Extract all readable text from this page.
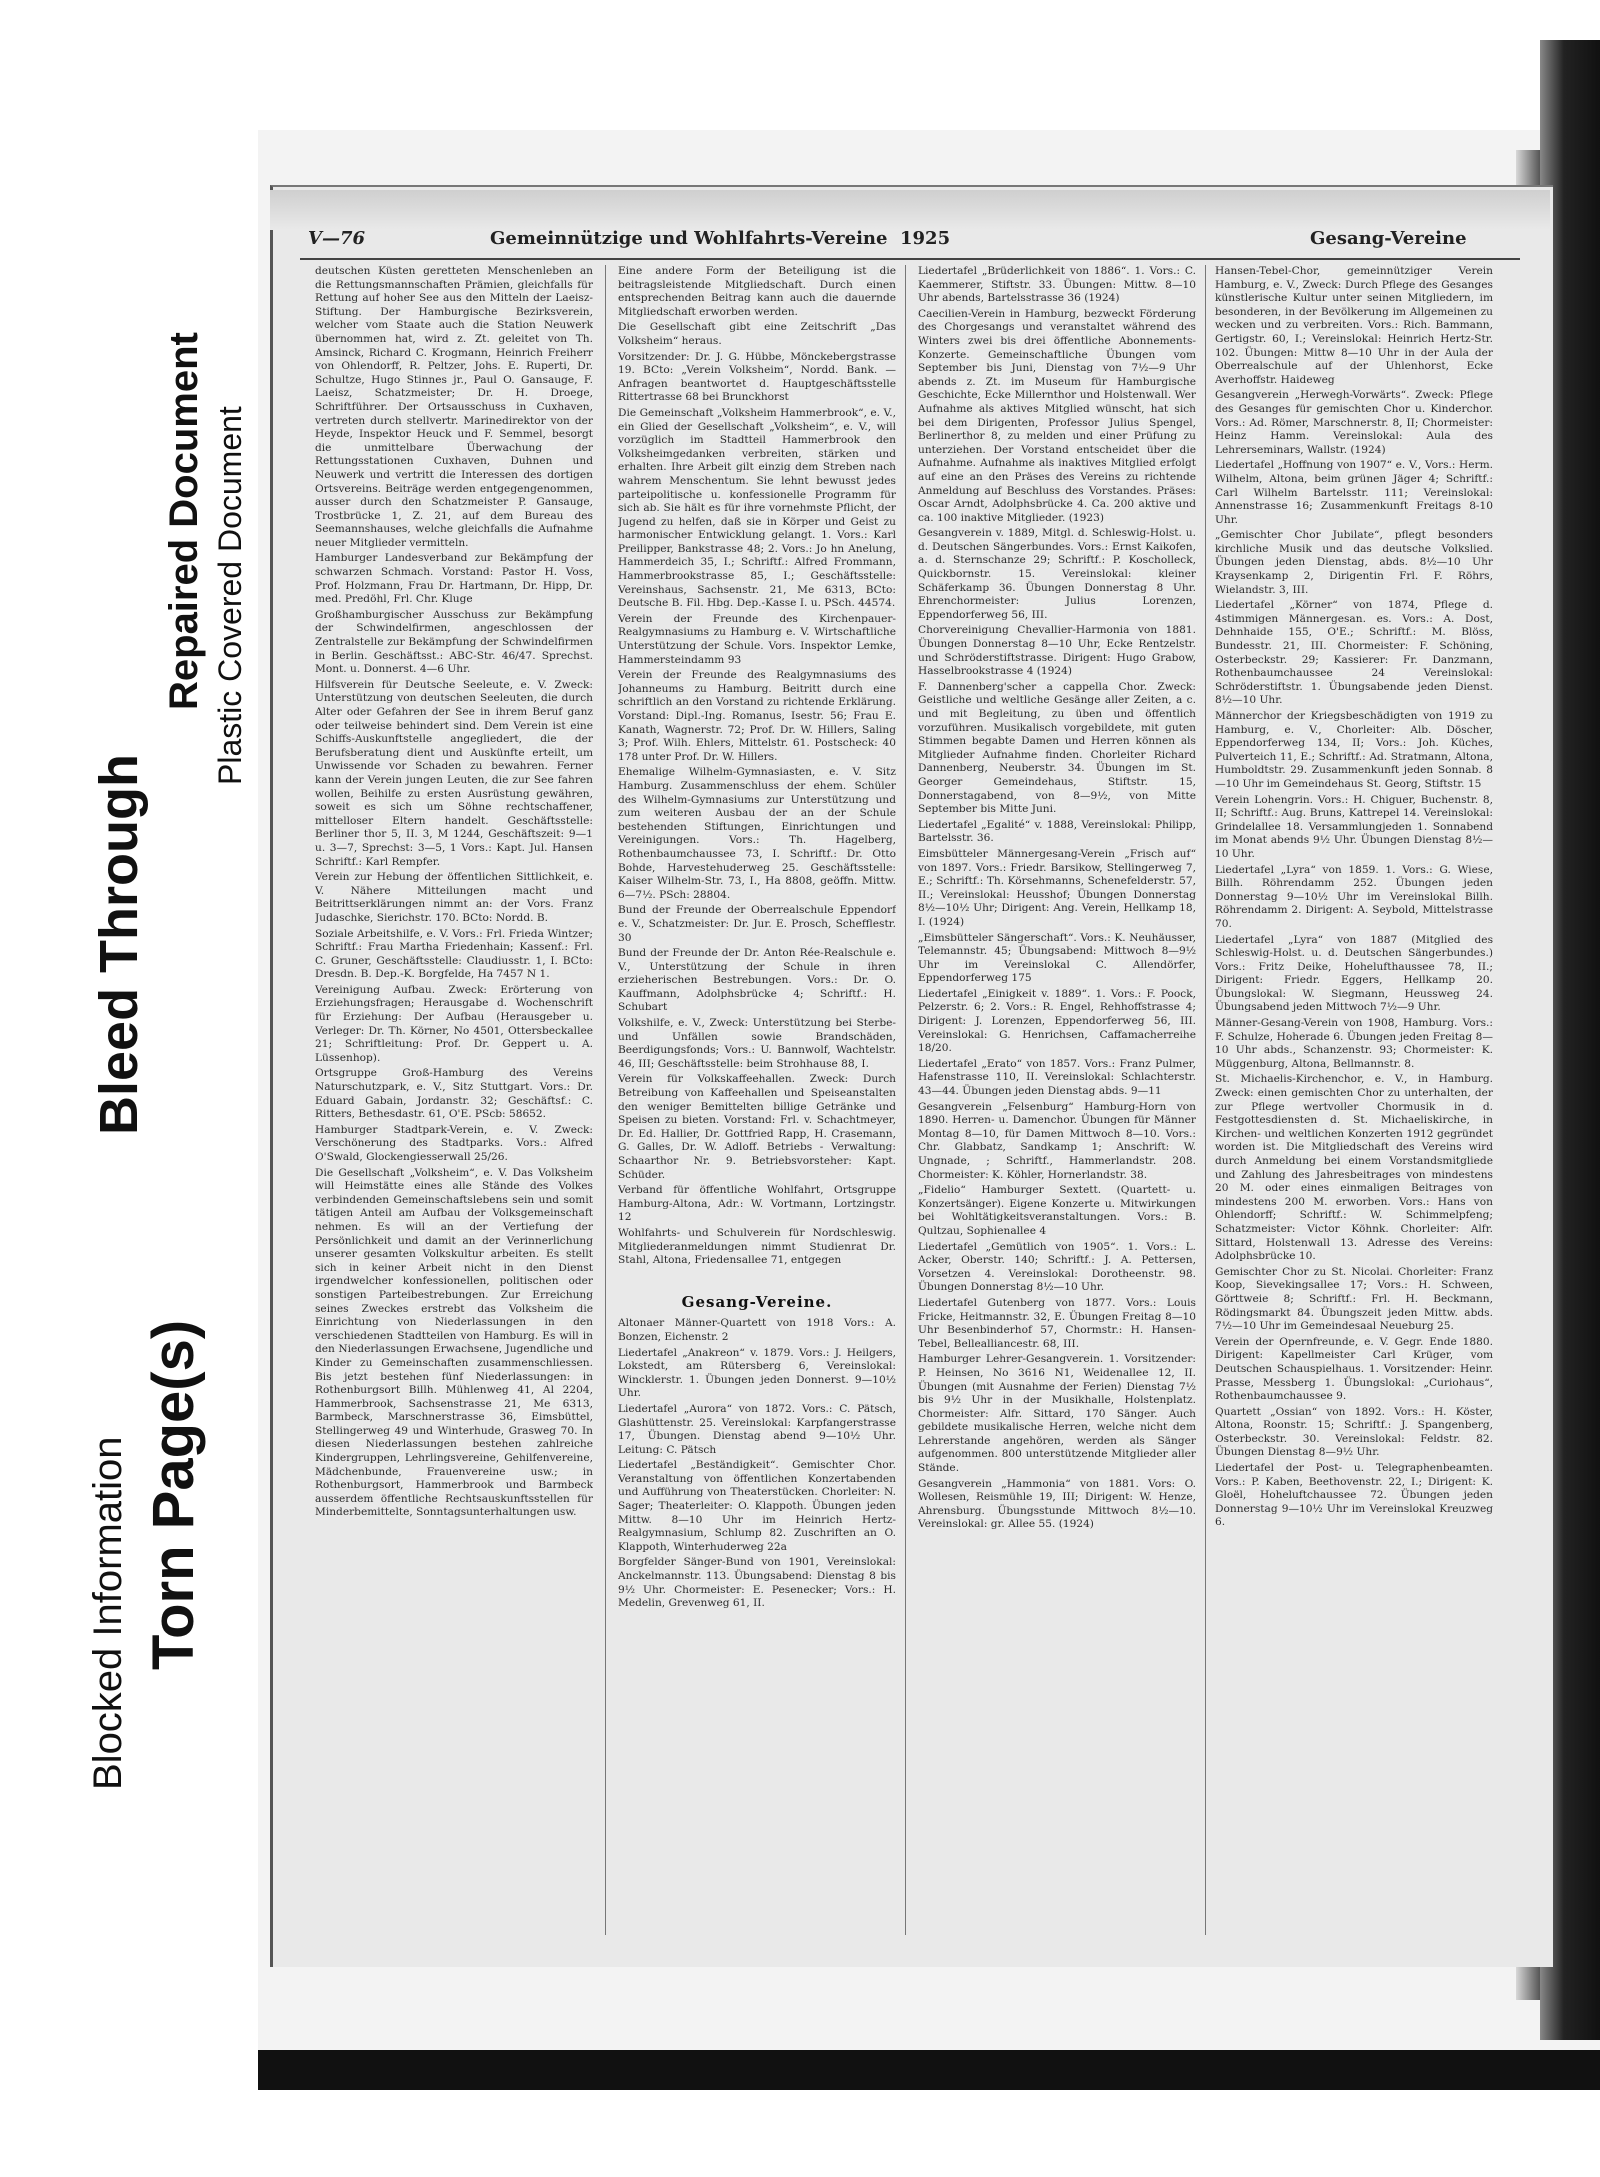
Blocked Information Torn Page(s)
Bleed Through
Repaired Document Plastic Covered Document
V—76	Gemeinnützige und Wohlfahrts-Vereine 1925	Gesang-Vereine

deutschen Küsten geretteten Menschenleben an die Rettungsmannschaften Prämien, gleichfalls für Rettung auf hoher See aus den Mitteln der Laeisz-Stiftung. Der Hamburgische Bezirksverein, welcher vom Staate auch die Station Neuwerk übernommen hat, wird z. Zt. geleitet von Th. Amsinck, Richard C. Krogmann, Heinrich Freiherr von Ohlendorff, R. Peltzer, Johs. E. Ruperti, Dr. Schultze, Hugo Stinnes jr., Paul O. Gansauge, F. Laeisz, Schatzmeister; Dr. H. Droege, Schriftführer. Der Ortsausschuss in Cuxhaven, vertreten durch stellvertr. Marinedirektor von der Heyde, Inspektor Heuck und F. Semmel, besorgt die unmittelbare Überwachung der Rettungsstationen Cuxhaven, Duhnen und Neuwerk und vertritt die Interessen des dortigen Ortsvereins. Beiträge werden entgegengenommen, ausser durch den Schatzmeister P. Gansauge, Trostbrücke 1, Z. 21, auf dem Bureau des Seemannshauses, welche gleichfalls die Aufnahme neuer Mitglieder vermitteln.

Hamburger Landesverband zur Bekämpfung der schwarzen Schmach. Vorstand: Pastor H. Voss, Prof. Holzmann, Frau Dr. Hartmann, Dr. Hipp, Dr. med. Predöhl, Frl. Chr. Kluge

Großhamburgischer Ausschuss zur Bekämpfung der Schwindelfirmen, angeschlossen der Zentralstelle zur Bekämpfung der Schwindelfirmen in Berlin. Geschäftsst.: ABC-Str. 46/47. Sprechst. Mont. u. Donnerst. 4—6 Uhr.

Hilfsverein für Deutsche Seeleute, e. V. Zweck: Unterstützung von deutschen Seeleuten, die durch Alter oder Gefahren der See in ihrem Beruf ganz oder teilweise behindert sind. Dem Verein ist eine Schiffs-Auskunftstelle angegliedert, die der Berufsberatung dient und Auskünfte erteilt, um Unwissende vor Schaden zu bewahren. Ferner kann der Verein jungen Leuten, die zur See fahren wollen, Beihilfe zu ersten Ausrüstung gewähren, soweit es sich um Söhne rechtschaffener, mittelloser Eltern handelt. Geschäftsstelle: Berliner thor 5, II. 3, M 1244, Geschäftszeit: 9—1 u. 3—7, Sprechst: 3—5, 1 Vors.: Kapt. Jul. Hansen Schriftf.: Karl Rempfer.

Verein zur Hebung der öffentlichen Sittlichkeit, e. V. Nähere Mitteilungen macht und Beitrittserklärungen nimmt an: der Vors. Franz Judaschke, Sierichstr. 170. BCto: Nordd. B.

Soziale Arbeitshilfe, e. V. Vors.: Frl. Frieda Wintzer; Schriftf.: Frau Martha Friedenhain; Kassenf.: Frl. C. Gruner, Geschäftsstelle: Claudiusstr. 1, I. BCto: Dresdn. B. Dep.-K. Borgfelde, Ha 7457 N 1.

Vereinigung Aufbau. Zweck: Erörterung von Erziehungsfragen; Herausgabe d. Wochenschrift für Erziehung: Der Aufbau (Herausgeber u. Verleger: Dr. Th. Körner, No 4501, Ottersbeckallee 21; Schriftleitung: Prof. Dr. Geppert u. A. Lüssenhop).

Ortsgruppe Groß-Hamburg des Vereins Naturschutzpark, e. V., Sitz Stuttgart. Vors.: Dr. Eduard Gabain, Jordanstr. 32; Geschäftsf.: C. Ritters, Bethesdastr. 61, O'E. PScb: 58652.

Hamburger Stadtpark-Verein, e. V. Zweck: Verschönerung des Stadtparks. Vors.: Alfred O'Swald, Glockengiesserwall 25/26.

Die Gesellschaft „Volksheim“, e. V. Das Volksheim will Heimstätte eines alle Stände des Volkes verbindenden Gemeinschaftslebens sein und somit tätigen Anteil am Aufbau der Volksgemeinschaft nehmen. Es will an der Vertiefung der Persönlichkeit und damit an der Verinnerlichung unserer gesamten Volkskultur arbeiten. Es stellt sich in keiner Arbeit nicht in den Dienst irgendwelcher konfessionellen, politischen oder sonstigen Parteibestrebungen. Zur Erreichung seines Zweckes erstrebt das Volksheim die Einrichtung von Niederlassungen in den verschiedenen Stadtteilen von Hamburg. Es will in den Niederlassungen Erwachsene, Jugendliche und Kinder zu Gemeinschaften zusammenschliessen. Bis jetzt bestehen fünf Niederlassungen: in Rothenburgsort Billh. Mühlenweg 41, Al 2204, Hammerbrook, Sachsenstrasse 21, Me 6313, Barmbeck, Marschnerstrasse 36, Eimsbüttel, Stellingerweg 49 und Winterhude, Grasweg 70. In diesen Niederlassungen bestehen zahlreiche Kindergruppen, Lehrlingsvereine, Gehilfenvereine, Mädchenbunde, Frauenvereine usw.; in Rothenburgsort, Hammerbrook und Barmbeck ausserdem öffentliche Rechtsauskunftsstellen für Minderbemittelte, Sonntagsunterhaltungen usw.

Eine andere Form der Beteiligung ist die beitragsleistende Mitgliedschaft. Durch einen entsprechenden Beitrag kann auch die dauernde Mitgliedschaft erworben werden.

Die Gesellschaft gibt eine Zeitschrift „Das Volksheim“ heraus.

Vorsitzender: Dr. J. G. Hübbe, Mönckebergstrasse 19. BCto: „Verein Volksheim“, Nordd. Bank. — Anfragen beantwortet d. Hauptgeschäftsstelle Rittertrasse 68 bei Brunckhorst

Die Gemeinschaft „Volksheim Hammerbrook“, e. V., ein Glied der Gesellschaft „Volksheim“, e. V., will vorzüglich im Stadtteil Hammerbrook den Volksheimgedanken verbreiten, stärken und erhalten. Ihre Arbeit gilt einzig dem Streben nach wahrem Menschentum. Sie lehnt bewusst jedes parteipolitische u. konfessionelle Programm für sich ab. Sie hält es für ihre vornehmste Pflicht, der Jugend zu helfen, daß sie in Körper und Geist zu harmonischer Entwicklung gelangt. 1. Vors.: Karl Preilipper, Bankstrasse 48; 2. Vors.: Jo hn Anelung, Hammerdeich 35, I.; Schriftf.: Alfred Frommann, Hammerbrookstrasse 85, I.; Geschäftsstelle: Vereinshaus, Sachsenstr. 21, Me 6313, BCto: Deutsche B. Fil. Hbg. Dep.-Kasse I. u. PSch. 44574.

Verein der Freunde des Kirchenpauer-Realgymnasiums zu Hamburg e. V. Wirtschaftliche Unterstützung der Schule. Vors. Inspektor Lemke, Hammersteindamm 93

Verein der Freunde des Realgymnasiums des Johanneums zu Hamburg. Beitritt durch eine schriftlich an den Vorstand zu richtende Erklärung. Vorstand: Dipl.-Ing. Romanus, Isestr. 56; Frau E. Kanath, Wagnerstr. 72; Prof. Dr. W. Hillers, Saling 3; Prof. Wilh. Ehlers, Mittelstr. 61. Postscheck: 40 178 unter Prof. Dr. W. Hillers.

Ehemalige Wilhelm-Gymnasiasten, e. V. Sitz Hamburg. Zusammenschluss der ehem. Schüler des Wilhelm-Gymnasiums zur Unterstützung und zum weiteren Ausbau der an der Schule bestehenden Stiftungen, Einrichtungen und Vereinigungen. Vors.: Th. Hagelberg, Rothenbaumchaussee 73, I. Schriftf.: Dr. Otto Bohde, Harvestehuderweg 25. Geschäftsstelle: Kaiser Wilhelm-Str. 73, I., Ha 8808, geöffn. Mittw. 6—7½. PSch: 28804.

Bund der Freunde der Oberrealschule Eppendorf e. V., Schatzmeister: Dr. Jur. E. Prosch, Schefflestr. 30

Bund der Freunde der Dr. Anton Rée-Realschule e. V., Unterstützung der Schule in ihren erzieherischen Bestrebungen. Vors.: Dr. O. Kauffmann, Adolphsbrücke 4; Schriftf.: H. Schubart

Volkshilfe, e. V., Zweck: Unterstützung bei Sterbe- und Unfällen sowie Brandschäden, Beerdigungsfonds; Vors.: U. Bannwolf, Wachtelstr. 46, III; Geschäftsstelle: beim Strohhause 88, I.

Verein für Volkskaffeehallen. Zweck: Durch Betreibung von Kaffeehallen und Speiseanstalten den weniger Bemittelten billige Getränke und Speisen zu bieten. Vorstand: Frl. v. Schachtmeyer, Dr. Ed. Hallier, Dr. Gottfried Rapp, H. Crasemann, G. Galles, Dr. W. Adloff. Betriebs - Verwaltung: Schaarthor Nr. 9. Betriebsvorsteher: Kapt. Schüder.

Verband für öffentliche Wohlfahrt, Ortsgruppe Hamburg-Altona, Adr.: W. Vortmann, Lortzingstr. 12

Wohlfahrts- und Schulverein für Nordschleswig. Mitgliederanmeldungen nimmt Studienrat Dr. Stahl, Altona, Friedensallee 71, entgegen

Gesang-Vereine.

Altonaer Männer-Quartett von 1918 Vors.: A. Bonzen, Eichenstr. 2

Liedertafel „Anakreon“ v. 1879. Vors.: J. Heilgers, Lokstedt, am Rütersberg 6, Vereinslokal: Wincklerstr. 1. Übungen jeden Donnerst. 9—10½ Uhr.

Liedertafel „Aurora“ von 1872. Vors.: C. Pätsch, Glashüttenstr. 25. Vereinslokal: Karpfangerstrasse 17, Übungen. Dienstag abend 9—10½ Uhr. Leitung: C. Pätsch

Liedertafel „Beständigkeit“. Gemischter Chor. Veranstaltung von öffentlichen Konzertabenden und Aufführung von Theaterstücken. Chorleiter: N. Sager; Theaterleiter: O. Klappoth. Übungen jeden Mittw. 8—10 Uhr im Heinrich Hertz-Realgymnasium, Schlump 82. Zuschriften an O. Klappoth, Winterhuderweg 22a

Borgfelder Sänger-Bund von 1901, Vereinslokal: Anckelmannstr. 113. Übungsabend: Dienstag 8 bis 9½ Uhr. Chormeister: E. Pesenecker; Vors.: H. Medelin, Grevenweg 61, II.

Liedertafel „Brüderlichkeit von 1886“. 1. Vors.: C. Kaemmerer, Stiftstr. 33. Übungen: Mittw. 8—10 Uhr abends, Bartelsstrasse 36 (1924)

Caecilien-Verein in Hamburg, bezweckt Förderung des Chorgesangs und veranstaltet während des Winters zwei bis drei öffentliche Abonnements-Konzerte. Gemeinschaftliche Übungen vom September bis Juni, Dienstag von 7½—9 Uhr abends z. Zt. im Museum für Hamburgische Geschichte, Ecke Millernthor und Holstenwall. Wer Aufnahme als aktives Mitglied wünscht, hat sich bei dem Dirigenten, Professor Julius Spengel, Berlinerthor 8, zu melden und einer Prüfung zu unterziehen. Der Vorstand entscheidet über die Aufnahme. Aufnahme als inaktives Mitglied erfolgt auf eine an den Präses des Vereins zu richtende Anmeldung auf Beschluss des Vorstandes. Präses: Oscar Arndt, Adolphsbrücke 4. Ca. 200 aktive und ca. 100 inaktive Mitglieder. (1923)

Gesangverein v. 1889, Mitgl. d. Schleswig-Holst. u. d. Deutschen Sängerbundes. Vors.: Ernst Kaikofen, a. d. Sternschanze 29; Schriftf.: P. Koscholleck, Quickbornstr. 15. Vereinslokal: kleiner Schäferkamp 36. Übungen Donnerstag 8 Uhr. Ehrenchormeister: Julius Lorenzen, Eppendorferweg 56, III.

Chorvereinigung Chevallier-Harmonia von 1881. Übungen Donnerstag 8—10 Uhr, Ecke Rentzelstr. und Schröderstiftstrasse. Dirigent: Hugo Grabow, Hasselbrookstrasse 4 (1924)

F. Dannenberg'scher a cappella Chor. Zweck: Geistliche und weltliche Gesänge aller Zeiten, a c. und mit Begleitung, zu üben und öffentlich vorzuführen. Musikalisch vorgebildete, mit guten Stimmen begabte Damen und Herren können als Mitglieder Aufnahme finden. Chorleiter Richard Dannenberg, Neuberstr. 34. Übungen im St. Georger Gemeindehaus, Stiftstr. 15, Donnerstagabend, von 8—9½, von Mitte September bis Mitte Juni.

Liedertafel „Egalité“ v. 1888, Vereinslokal: Philipp, Bartelsstr. 36.

Eimsbütteler Männergesang-Verein „Frisch auf“ von 1897. Vors.: Friedr. Barsikow, Stellingerweg 7, E.; Schriftf.: Th. Körsehmanns, Schenefelderstr. 57, II.; Vereinslokal: Heusshof; Übungen Donnerstag 8½—10½ Uhr; Dirigent: Ang. Verein, Hellkamp 18, I. (1924)

„Eimsbütteler Sängerschaft“. Vors.: K. Neuhäusser, Telemannstr. 45; Übungsabend: Mittwoch 8—9½ Uhr im Vereinslokal C. Allendörfer, Eppendorferweg 175

Liedertafel „Einigkeit v. 1889“. 1. Vors.: F. Poock, Pelzerstr. 6; 2. Vors.: R. Engel, Rehhoffstrasse 4; Dirigent: J. Lorenzen, Eppendorferweg 56, III. Vereinslokal: G. Henrichsen, Caffamacherreihe 18/20.

Liedertafel „Erato“ von 1857. Vors.: Franz Pulmer, Hafenstrasse 110, II. Vereinslokal: Schlachterstr. 43—44. Übungen jeden Dienstag abds. 9—11

Gesangverein „Felsenburg“ Hamburg-Horn von 1890. Herren- u. Damenchor. Übungen für Männer Montag 8—10, für Damen Mittwoch 8—10. Vors.: Chr. Glabbatz, Sandkamp 1; Anschrift: W. Ungnade, ; Schriftf., Hammerlandstr. 208. Chormeister: K. Köhler, Hornerlandstr. 38.

„Fidelio“ Hamburger Sextett. (Quartett- u. Konzertsänger). Eigene Konzerte u. Mitwirkungen bei Wohltätigkeitsveranstaltungen. Vors.: B. Qultzau, Sophienallee 4

Liedertafel „Gemütlich von 1905“. 1. Vors.: L. Acker, Oberstr. 140; Schriftf.: J. A. Pettersen, Vorsetzen 4. Vereinslokal: Dorotheenstr. 98. Übungen Donnerstag 8½—10 Uhr.

Liedertafel Gutenberg von 1877. Vors.: Louis Fricke, Heitmannstr. 32, E. Übungen Freitag 8—10 Uhr Besenbinderhof 57, Chormstr.: H. Hansen-Tebel, Bellealliancestr. 68, III.

Hamburger Lehrer-Gesangverein. 1. Vorsitzender: P. Heinsen, No 3616 N1, Weidenallee 12, II. Übungen (mit Ausnahme der Ferien) Dienstag 7½ bis 9½ Uhr in der Musikhalle, Holstenplatz. Chormeister: Alfr. Sittard, 170 Sänger. Auch gebildete musikalische Herren, welche nicht dem Lehrerstande angehören, werden als Sänger aufgenommen. 800 unterstützende Mitglieder aller Stände.

Gesangverein „Hammonia“ von 1881. Vors: O. Wollesen, Reismühle 19, III; Dirigent: W. Henze, Ahrensburg. Übungsstunde Mittwoch 8½—10. Vereinslokal: gr. Allee 55. (1924)

Hansen-Tebel-Chor, gemeinnütziger Verein Hamburg, e. V., Zweck: Durch Pflege des Gesanges künstlerische Kultur unter seinen Mitgliedern, im besonderen, in der Bevölkerung im Allgemeinen zu wecken und zu verbreiten. Vors.: Rich. Bammann, Gertigstr. 60, I.; Vereinslokal: Heinrich Hertz-Str. 102. Übungen: Mittw 8—10 Uhr in der Aula der Oberrealschule auf der Uhlenhorst, Ecke Averhoffstr. Haideweg

Gesangverein „Herwegh-Vorwärts“. Zweck: Pflege des Gesanges für gemischten Chor u. Kinderchor. Vors.: Ad. Römer, Marschnerstr. 8, II; Chormeister: Heinz Hamm. Vereinslokal: Aula des Lehrerseminars, Wallstr. (1924)

Liedertafel „Hoffnung von 1907“ e. V., Vors.: Herm. Wilhelm, Altona, beim grünen Jäger 4; Schriftf.: Carl Wilhelm Bartelsstr. 111; Vereinslokal: Annenstrasse 16; Zusammenkunft Freitags 8-10 Uhr.

„Gemischter Chor Jubilate“, pflegt besonders kirchliche Musik und das deutsche Volkslied. Übungen jeden Dienstag, abds. 8½—10 Uhr Kraysenkamp 2, Dirigentin Frl. F. Röhrs, Wielandstr. 3, III.

Liedertafel „Körner“ von 1874, Pflege d. 4stimmigen Männergesan. es. Vors.: A. Dost, Dehnhaide 155, O'E.; Schriftf.: M. Blöss, Bundesstr. 21, III. Chormeister: F. Schöning, Osterbeckstr. 29; Kassierer: Fr. Danzmann, Rothenbaumchaussee 24 Vereinslokal: Schröderstiftstr. 1. Übungsabende jeden Dienst. 8½—10 Uhr.

Männerchor der Kriegsbeschädigten von 1919 zu Hamburg, e. V., Chorleiter: Alb. Döscher, Eppendorferweg 134, II; Vors.: Joh. Küches, Pulverteich 11, E.; Schriftf.: Ad. Stratmann, Altona, Humboldtstr. 29. Zusammenkunft jeden Sonnab. 8—10 Uhr im Gemeindehaus St. Georg, Stiftstr. 15

Verein Lohengrin. Vors.: H. Chiguer, Buchenstr. 8, II; Schriftf.: Aug. Bruns, Kattrepel 14. Vereinslokal: Grindelallee 18. Versammlungjeden 1. Sonnabend im Monat abends 9½ Uhr. Übungen Dienstag 8½—10 Uhr.

Liedertafel „Lyra“ von 1859. 1. Vors.: G. Wiese, Billh. Röhrendamm 252. Übungen jeden Donnerstag 9—10½ Uhr im Vereinslokal Billh. Röhrendamm 2. Dirigent: A. Seybold, Mittelstrasse 70.

Liedertafel „Lyra“ von 1887 (Mitglied des Schleswig-Holst. u. d. Deutschen Sängerbundes.) Vors.: Fritz Deike, Hohelufthaussee 78, II.; Dirigent: Friedr. Eggers, Hellkamp 20. Übungslokal: W. Siegmann, Heussweg 24. Übungsabend jeden Mittwoch 7½—9 Uhr.

Männer-Gesang-Verein von 1908, Hamburg. Vors.: F. Schulze, Hoherade 6. Übungen jeden Freitag 8—10 Uhr abds., Schanzenstr. 93; Chormeister: K. Müggenburg, Altona, Bellmannstr. 8.

St. Michaelis-Kirchenchor, e. V., in Hamburg. Zweck: einen gemischten Chor zu unterhalten, der zur Pflege wertvoller Chormusik in d. Festgottesdiensten d. St. Michaeliskirche, in Kirchen- und weltlichen Konzerten 1912 gegründet worden ist. Die Mitgliedschaft des Vereins wird durch Anmeldung bei einem Vorstandsmitgliede und Zahlung des Jahresbeitrages von mindestens 20 M. oder eines einmaligen Beitrages von mindestens 200 M. erworben. Vors.: Hans von Ohlendorff; Schriftf.: W. Schimmelpfeng; Schatzmeister: Victor Köhnk. Chorleiter: Alfr. Sittard, Holstenwall 13. Adresse des Vereins: Adolphsbrücke 10.

Gemischter Chor zu St. Nicolai. Chorleiter: Franz Koop, Sievekingsallee 17; Vors.: H. Schween, Görttweie 8; Schriftf.: Frl. H. Beckmann, Rödingsmarkt 84. Übungszeit jeden Mittw. abds. 7½—10 Uhr im Gemeindesaal Neueburg 25.

Verein der Opernfreunde, e. V. Gegr. Ende 1880. Dirigent: Kapellmeister Carl Krüger, vom Deutschen Schauspielhaus. 1. Vorsitzender: Heinr. Prasse, Messberg 1. Übungslokal: „Curiohaus“, Rothenbaumchaussee 9.

Quartett „Ossian“ von 1892. Vors.: H. Köster, Altona, Roonstr. 15; Schriftf.: J. Spangenberg, Osterbeckstr. 30. Vereinslokal: Feldstr. 82. Übungen Dienstag 8—9½ Uhr.

Liedertafel der Post- u. Telegraphenbeamten. Vors.: P. Kaben, Beethovenstr. 22, I.; Dirigent: K. Gloël, Hoheluftchaussee 72. Übungen jeden Donnerstag 9—10½ Uhr im Vereinslokal Kreuzweg 6.
